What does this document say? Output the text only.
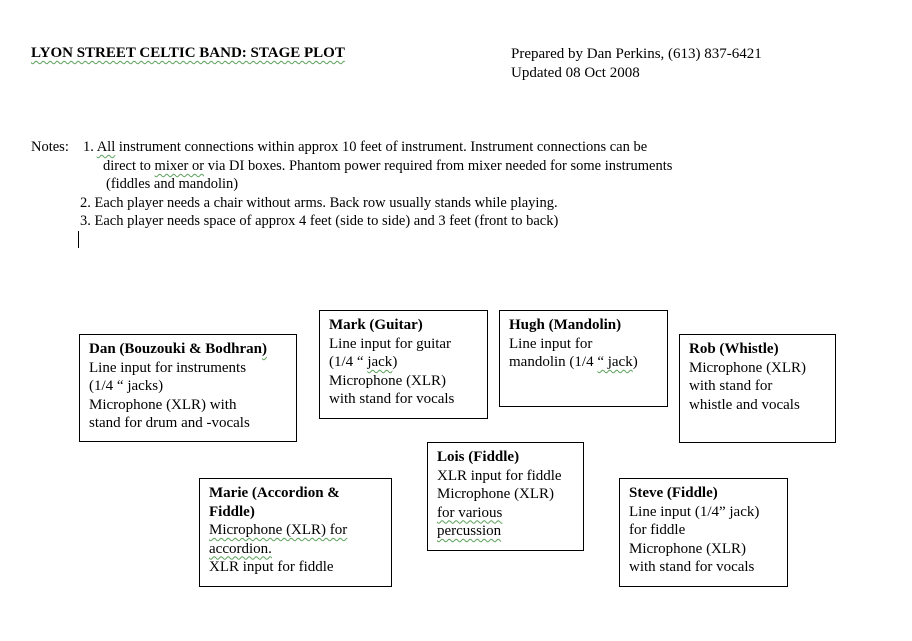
LYON STREET CELTIC BAND: STAGE PLOT	Prepared by Dan Perkins, (613) 837-6421
Updated 08 Oct 2008
Notes: 1. All instrument connections within approx 10 feet of instrument. Instrument connections can be
direct to mixer or via DI boxes. Phantom power required from mixer needed for some instruments
(fiddles and mandolin)
2. Each player needs a chair without arms. Back row usually stands while playing.
3. Each player needs space of approx 4 feet (side to side) and 3 feet (front to back)
Dan (Bouzouki & Bodhran)
Line input for instruments
(1/4 “ jacks)
Microphone (XLR) with
stand for drum and -vocals
Mark (Guitar)
Line input for guitar
(1/4 “ jack)
Microphone (XLR)
with stand for vocals
Hugh (Mandolin)
Line input for
mandolin (1/4 “ jack)
Rob (Whistle)
Microphone (XLR)
with stand for
whistle and vocals
Lois (Fiddle)
XLR input for fiddle
Microphone (XLR)
for various
percussion
Marie (Accordion &
Fiddle)
Microphone (XLR) for
accordion.
XLR input for fiddle
Steve (Fiddle)
Line input (1/4” jack)
for fiddle
Microphone (XLR)
with stand for vocals
